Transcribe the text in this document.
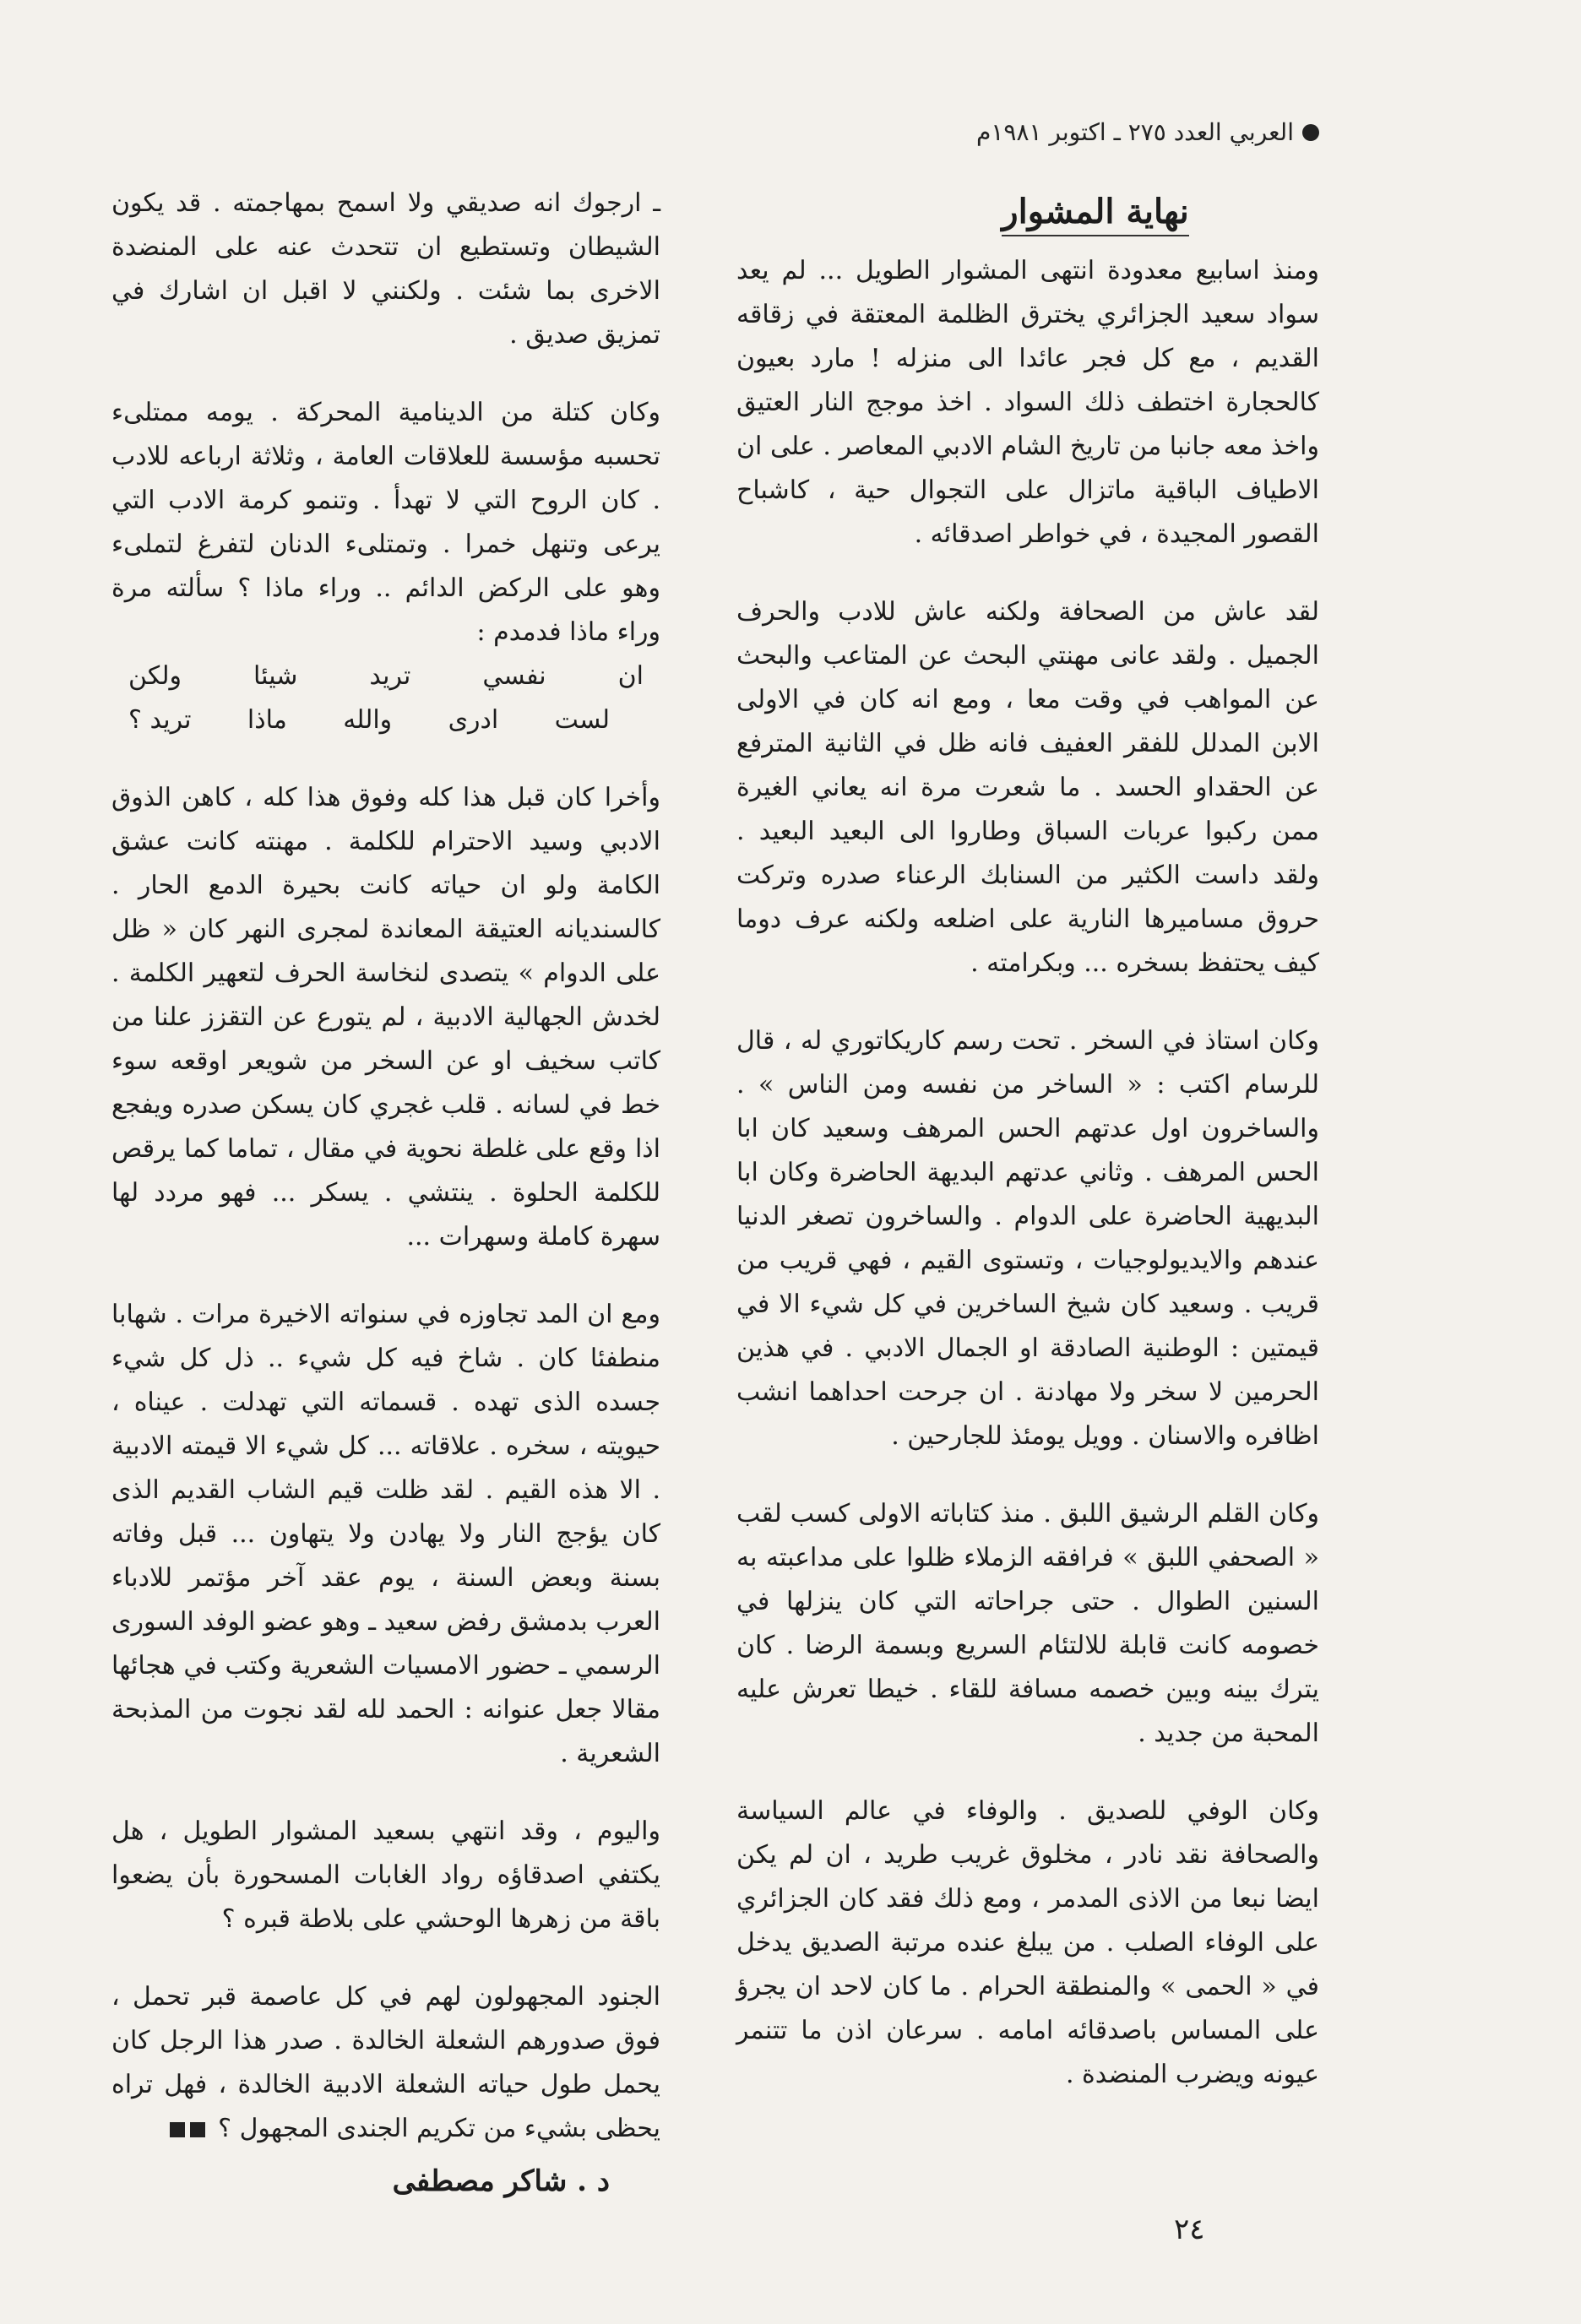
العربي العدد ٢٧٥ ـ اكتوبر ١٩٨١م
نهاية المشوار

ومنذ اسابيع معدودة انتهى المشوار الطويل ... لم يعد سواد سعيد الجزائري يخترق الظلمة المعتقة في زقاقه القديم ، مع كل فجر عائدا الى منزله ! مارد بعيون كالحجارة اختطف ذلك السواد . اخذ موجج النار العتيق واخذ معه جانبا من تاريخ الشام الادبي المعاصر . على ان الاطياف الباقية ماتزال على التجوال حية ، كاشباح القصور المجيدة ، في خواطر اصدقائه .

لقد عاش من الصحافة ولكنه عاش للادب والحرف الجميل . ولقد عانى مهنتي البحث عن المتاعب والبحث عن المواهب في وقت معا ، ومع انه كان في الاولى الابن المدلل للفقر العفيف فانه ظل في الثانية المترفع عن الحقداو الحسد . ما شعرت مرة انه يعاني الغيرة ممن ركبوا عربات السباق وطاروا الى البعيد البعيد . ولقد داست الكثير من السنابك الرعناء صدره وتركت حروق مساميرها النارية على اضلعه ولكنه عرف دوما كيف يحتفظ بسخره ... وبكرامته .

وكان استاذ في السخر . تحت رسم كاريكاتوري له ، قال للرسام اكتب : « الساخر من نفسه ومن الناس » . والساخرون اول عدتهم الحس المرهف وسعيد كان ابا الحس المرهف . وثاني عدتهم البديهة الحاضرة وكان ابا البديهية الحاضرة على الدوام . والساخرون تصغر الدنيا عندهم والايديولوجيات ، وتستوى القيم ، فهي قريب من قريب . وسعيد كان شيخ الساخرين في كل شيء الا في قيمتين : الوطنية الصادقة او الجمال الادبي . في هذين الحرمين لا سخر ولا مهادنة . ان جرحت احداهما انشب اظافره والاسنان . وويل يومئذ للجارحين .

وكان القلم الرشيق اللبق . منذ كتاباته الاولى كسب لقب « الصحفي اللبق » فرافقه الزملاء ظلوا على مداعبته به السنين الطوال . حتى جراحاته التي كان ينزلها في خصومه كانت قابلة للالتئام السريع وبسمة الرضا . كان يترك بينه وبين خصمه مسافة للقاء . خيطا تعرش عليه المحبة من جديد .

وكان الوفي للصديق . والوفاء في عالم السياسة والصحافة نقد نادر ، مخلوق غريب طريد ، ان لم يكن ايضا نبعا من الاذى المدمر ، ومع ذلك فقد كان الجزائري على الوفاء الصلب . من يبلغ عنده مرتبة الصديق يدخل في « الحمى » والمنطقة الحرام . ما كان لاحد ان يجرؤ على المساس باصدقائه امامه . سرعان اذن ما تتنمر عيونه ويضرب المنضدة .

ـ ارجوك انه صديقي ولا اسمح بمهاجمته . قد يكون الشيطان وتستطيع ان تتحدث عنه على المنضدة الاخرى بما شئت . ولكنني لا اقبل ان اشارك في تمزيق صديق .

وكان كتلة من الدينامية المحركة . يومه ممتلىء تحسبه مؤسسة للعلاقات العامة ، وثلاثة ارباعه للادب . كان الروح التي لا تهدأ . وتنمو كرمة الادب التي يرعى وتنهل خمرا . وتمتلىء الدنان لتفرغ لتملىء وهو على الركض الدائم .. وراء ماذا ؟ سألته مرة وراء ماذا فدمدم :

ان
نفسي
تريد
شيئا
ولكن
لست
ادرى
والله
ماذا
تريد ؟

وأخرا كان قبل هذا كله وفوق هذا كله ، كاهن الذوق الادبي وسيد الاحترام للكلمة . مهنته كانت عشق الكامة ولو ان حياته كانت بحيرة الدمع الحار . كالسنديانه العتيقة المعاندة لمجرى النهر كان « ظل على الدوام » يتصدى لنخاسة الحرف لتعهير الكلمة . لخدش الجهالية الادبية ، لم يتورع عن التقزز علنا من كاتب سخيف او عن السخر من شويعر اوقعه سوء خط في لسانه . قلب غجري كان يسكن صدره ويفجع اذا وقع على غلطة نحوية في مقال ، تماما كما يرقص للكلمة الحلوة . ينتشي . يسكر ... فهو مردد لها سهرة كاملة وسهرات ...

ومع ان المد تجاوزه في سنواته الاخيرة مرات . شهابا منطفئا كان . شاخ فيه كل شيء .. ذل كل شيء جسده الذى تهده . قسماته التي تهدلت . عيناه ، حيويته ، سخره . علاقاته ... كل شيء الا قيمته الادبية . الا هذه القيم . لقد ظلت قيم الشاب القديم الذى كان يؤجج النار ولا يهادن ولا يتهاون ... قبل وفاته بسنة وبعض السنة ، يوم عقد آخر مؤتمر للادباء العرب بدمشق رفض سعيد ـ وهو عضو الوفد السورى الرسمي ـ حضور الامسيات الشعرية وكتب في هجائها مقالا جعل عنوانه : الحمد لله لقد نجوت من المذبحة الشعرية .

واليوم ، وقد انتهي بسعيد المشوار الطويل ، هل يكتفي اصدقاؤه رواد الغابات المسحورة بأن يضعوا باقة من زهرها الوحشي على بلاطة قبره ؟

الجنود المجهولون لهم في كل عاصمة قبر تحمل ، فوق صدورهم الشعلة الخالدة . صدر هذا الرجل كان يحمل طول حياته الشعلة الادبية الخالدة ، فهل تراه يحظى بشيء من تكريم الجندى المجهول ؟

د . شاكر مصطفى
٢٤
